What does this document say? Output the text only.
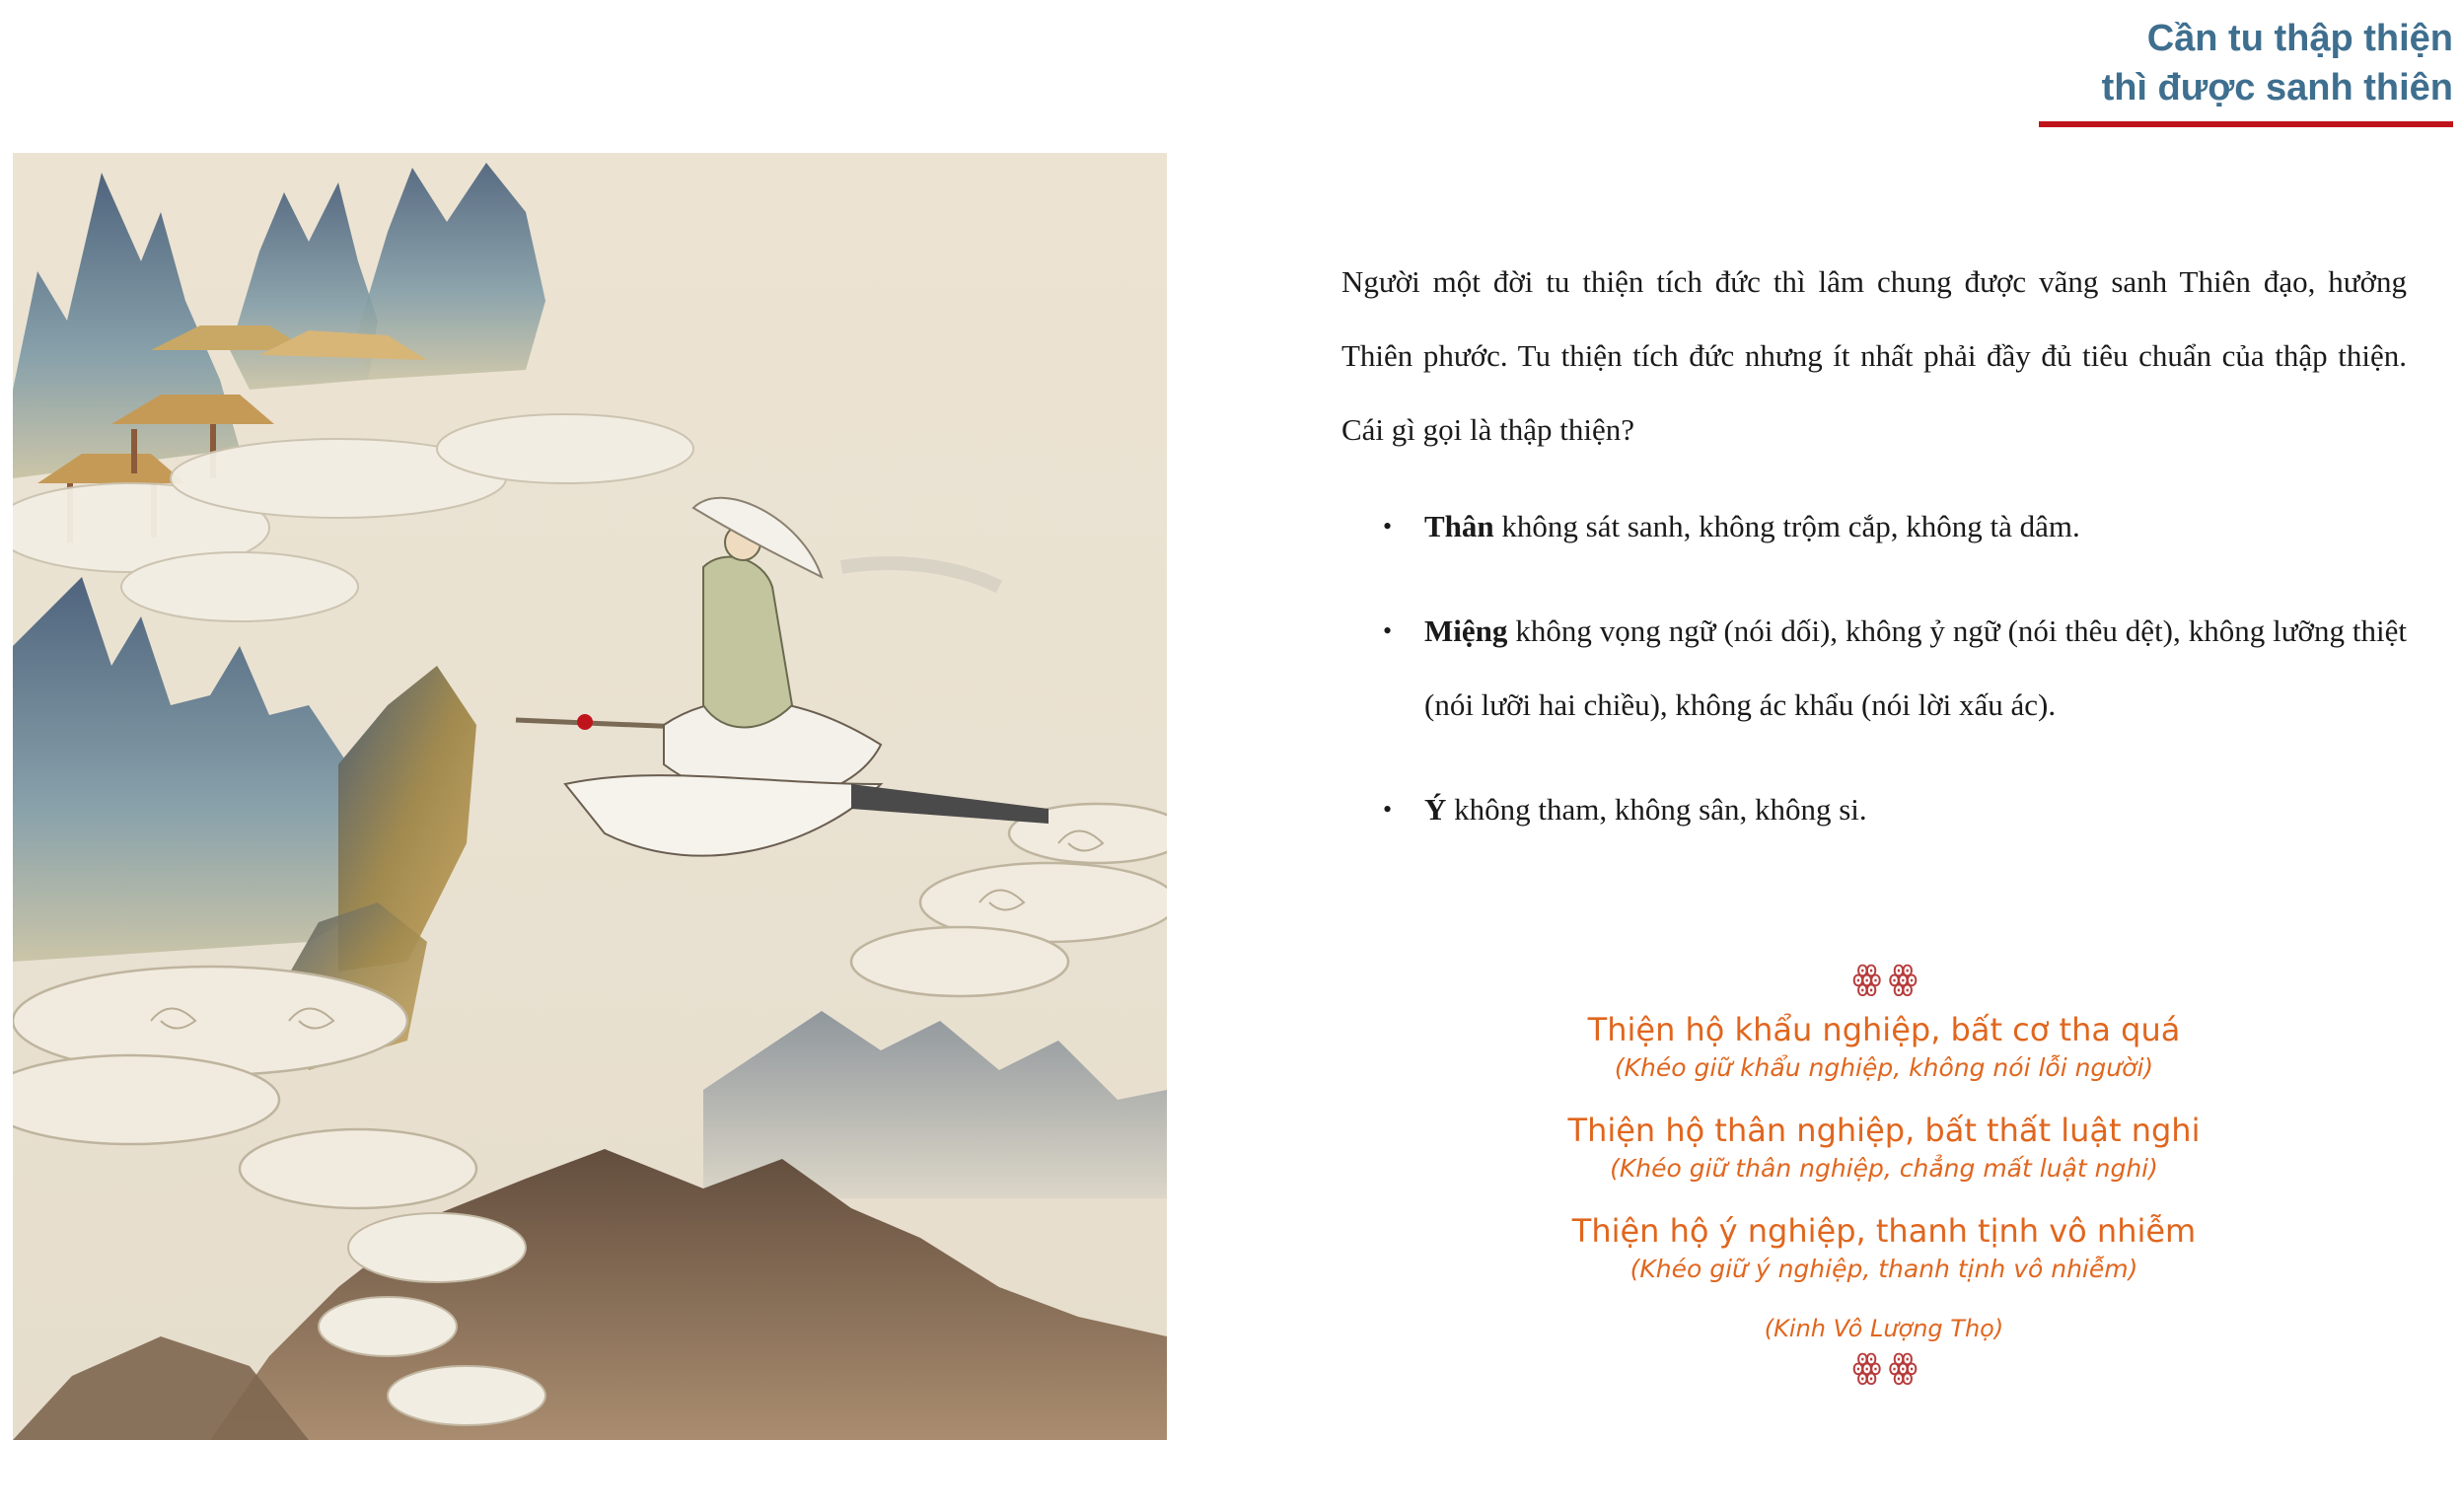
Cần tu thập thiện
thì được sanh thiên

Người một đời tu thiện tích đức thì lâm chung được vãng sanh Thiên đạo, hưởng Thiên phước. Tu thiện tích đức nhưng ít nhất phải đầy đủ tiêu chuẩn của thập thiện. Cái gì gọi là thập thiện?

• Thân không sát sanh, không trộm cắp, không tà dâm.
• Miệng không vọng ngữ (nói dối), không ỷ ngữ (nói thêu dệt), không lưỡng thiệt (nói lưỡi hai chiều), không ác khẩu (nói lời xấu ác).
• Ý không tham, không sân, không si.
ꙮ ꙮ
Thiện hộ khẩu nghiệp, bất cơ tha quá
(Khéo giữ khẩu nghiệp, không nói lỗi người)
Thiện hộ thân nghiệp, bất thất luật nghi
(Khéo giữ thân nghiệp, chẳng mất luật nghi)
Thiện hộ ý nghiệp, thanh tịnh vô nhiễm
(Khéo giữ ý nghiệp, thanh tịnh vô nhiễm)
(Kinh Vô Lượng Thọ)
ꙮ ꙮ
